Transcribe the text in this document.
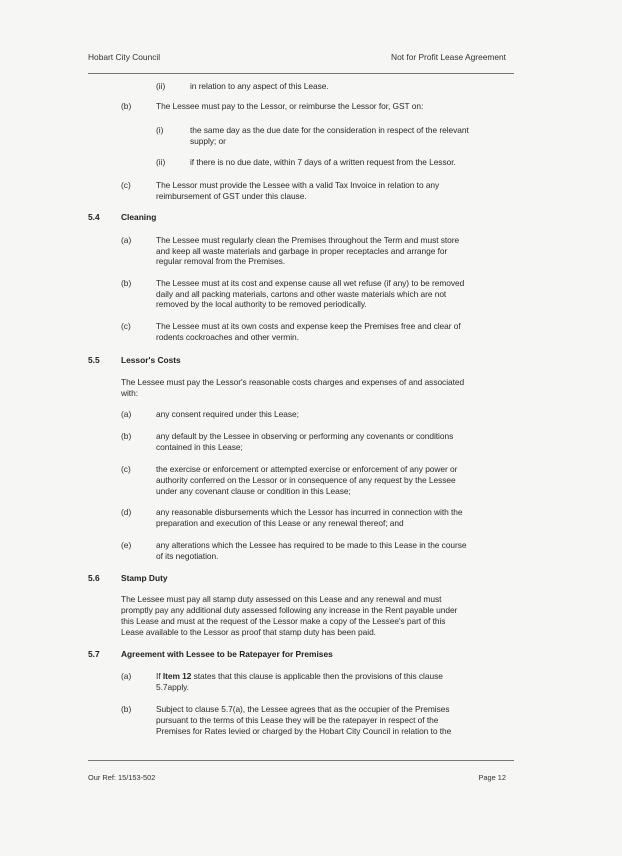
Hobart City Council	Not for Profit Lease Agreement
(ii)	in relation to any aspect of this Lease.
(b)	The Lessee must pay to the Lessor, or reimburse the Lessor for, GST on:
(i)	the same day as the due date for the consideration in respect of the relevant
supply; or
(ii)	if there is no due date, within 7 days of a written request from the Lessor.
(c)	The Lessor must provide the Lessee with a valid Tax Invoice in relation to any
reimbursement of GST under this clause.
5.4	Cleaning
(a)	The Lessee must regularly clean the Premises throughout the Term and must store
and keep all waste materials and garbage in proper receptacles and arrange for
regular removal from the Premises.
(b)	The Lessee must at its cost and expense cause all wet refuse (if any) to be removed
daily and all packing materials, cartons and other waste materials which are not
removed by the local authority to be removed periodically.
(c)	The Lessee must at its own costs and expense keep the Premises free and clear of
rodents cockroaches and other vermin.
5.5	Lessor's Costs
The Lessee must pay the Lessor's reasonable costs charges and expenses of and associated
with:
(a)	any consent required under this Lease;
(b)	any default by the Lessee in observing or performing any covenants or conditions
contained in this Lease;
(c)	the exercise or enforcement or attempted exercise or enforcement of any power or
authority conferred on the Lessor or in consequence of any request by the Lessee
under any covenant clause or condition in this Lease;
(d)	any reasonable disbursements which the Lessor has incurred in connection with the
preparation and execution of this Lease or any renewal thereof; and
(e)	any alterations which the Lessee has required to be made to this Lease in the course
of its negotiation.
5.6	Stamp Duty
The Lessee must pay all stamp duty assessed on this Lease and any renewal and must
promptly pay any additional duty assessed following any increase in the Rent payable under
this Lease and must at the request of the Lessor make a copy of the Lessee's part of this
Lease available to the Lessor as proof that stamp duty has been paid.
5.7	Agreement with Lessee to be Ratepayer for Premises
(a)	If Item 12 states that this clause is applicable then the provisions of this clause
5.7apply.
(b)	Subject to clause 5.7(a), the Lessee agrees that as the occupier of the Premises
pursuant to the terms of this Lease they will be the ratepayer in respect of the
Premises for Rates levied or charged by the Hobart City Council in relation to the
Our Ref: 15/153-502	Page 12
